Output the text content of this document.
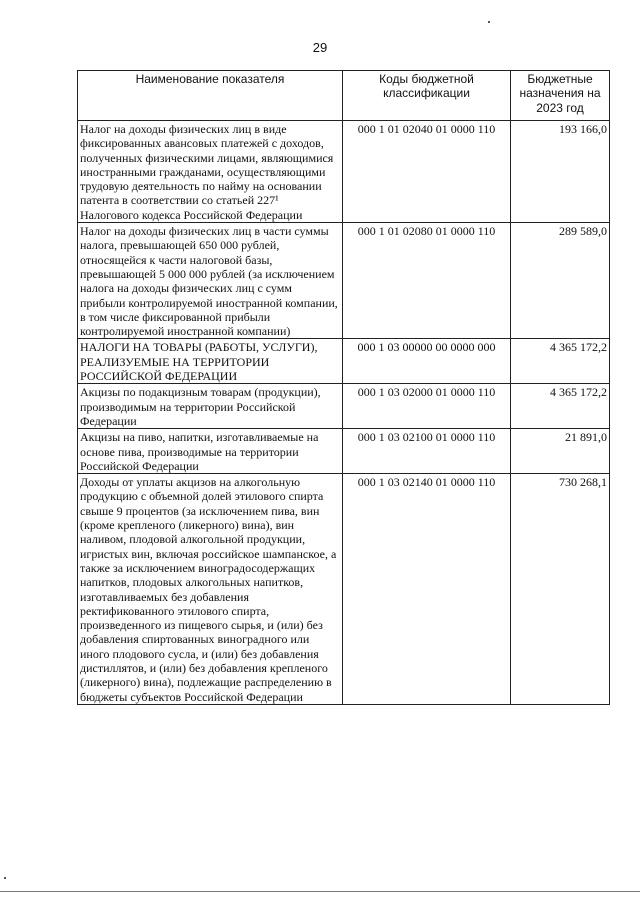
29
Наименование показателя	Коды бюджетной классификации	Бюджетные назначения на 2023 год
Налог на доходы физических лиц в виде фиксированных авансовых платежей с доходов, полученных физическими лицами, являющимися иностранными гражданами, осуществляющими трудовую деятельность по найму на основании патента в соответствии со статьей 227¹ Налогового кодекса Российской Федерации	000 1 01 02040 01 0000 110	193 166,0
Налог на доходы физических лиц в части суммы налога, превышающей 650 000 рублей, относящейся к части налоговой базы, превышающей 5 000 000 рублей (за исключением налога на доходы физических лиц с сумм прибыли контролируемой иностранной компании, в том числе фиксированной прибыли контролируемой иностранной компании)	000 1 01 02080 01 0000 110	289 589,0
НАЛОГИ НА ТОВАРЫ (РАБОТЫ, УСЛУГИ), РЕАЛИЗУЕМЫЕ НА ТЕРРИТОРИИ РОССИЙСКОЙ ФЕДЕРАЦИИ	000 1 03 00000 00 0000 000	4 365 172,2
Акцизы по подакцизным товарам (продукции), производимым на территории Российской Федерации	000 1 03 02000 01 0000 110	4 365 172,2
Акцизы на пиво, напитки, изготавливаемые на основе пива, производимые на территории Российской Федерации	000 1 03 02100 01 0000 110	21 891,0
Доходы от уплаты акцизов на алкогольную продукцию с объемной долей этилового спирта свыше 9 процентов (за исключением пива, вин (кроме крепленого (ликерного) вина), вин наливом, плодовой алкогольной продукции, игристых вин, включая российское шампанское, а также за исключением виноградосодержащих напитков, плодовых алкогольных напитков, изготавливаемых без добавления ректификованного этилового спирта, произведенного из пищевого сырья, и (или) без добавления спиртованных виноградного или иного плодового сусла, и (или) без добавления дистиллятов, и (или) без добавления крепленого (ликерного) вина), подлежащие распределению в бюджеты субъектов Российской Федерации	000 1 03 02140 01 0000 110	730 268,1
